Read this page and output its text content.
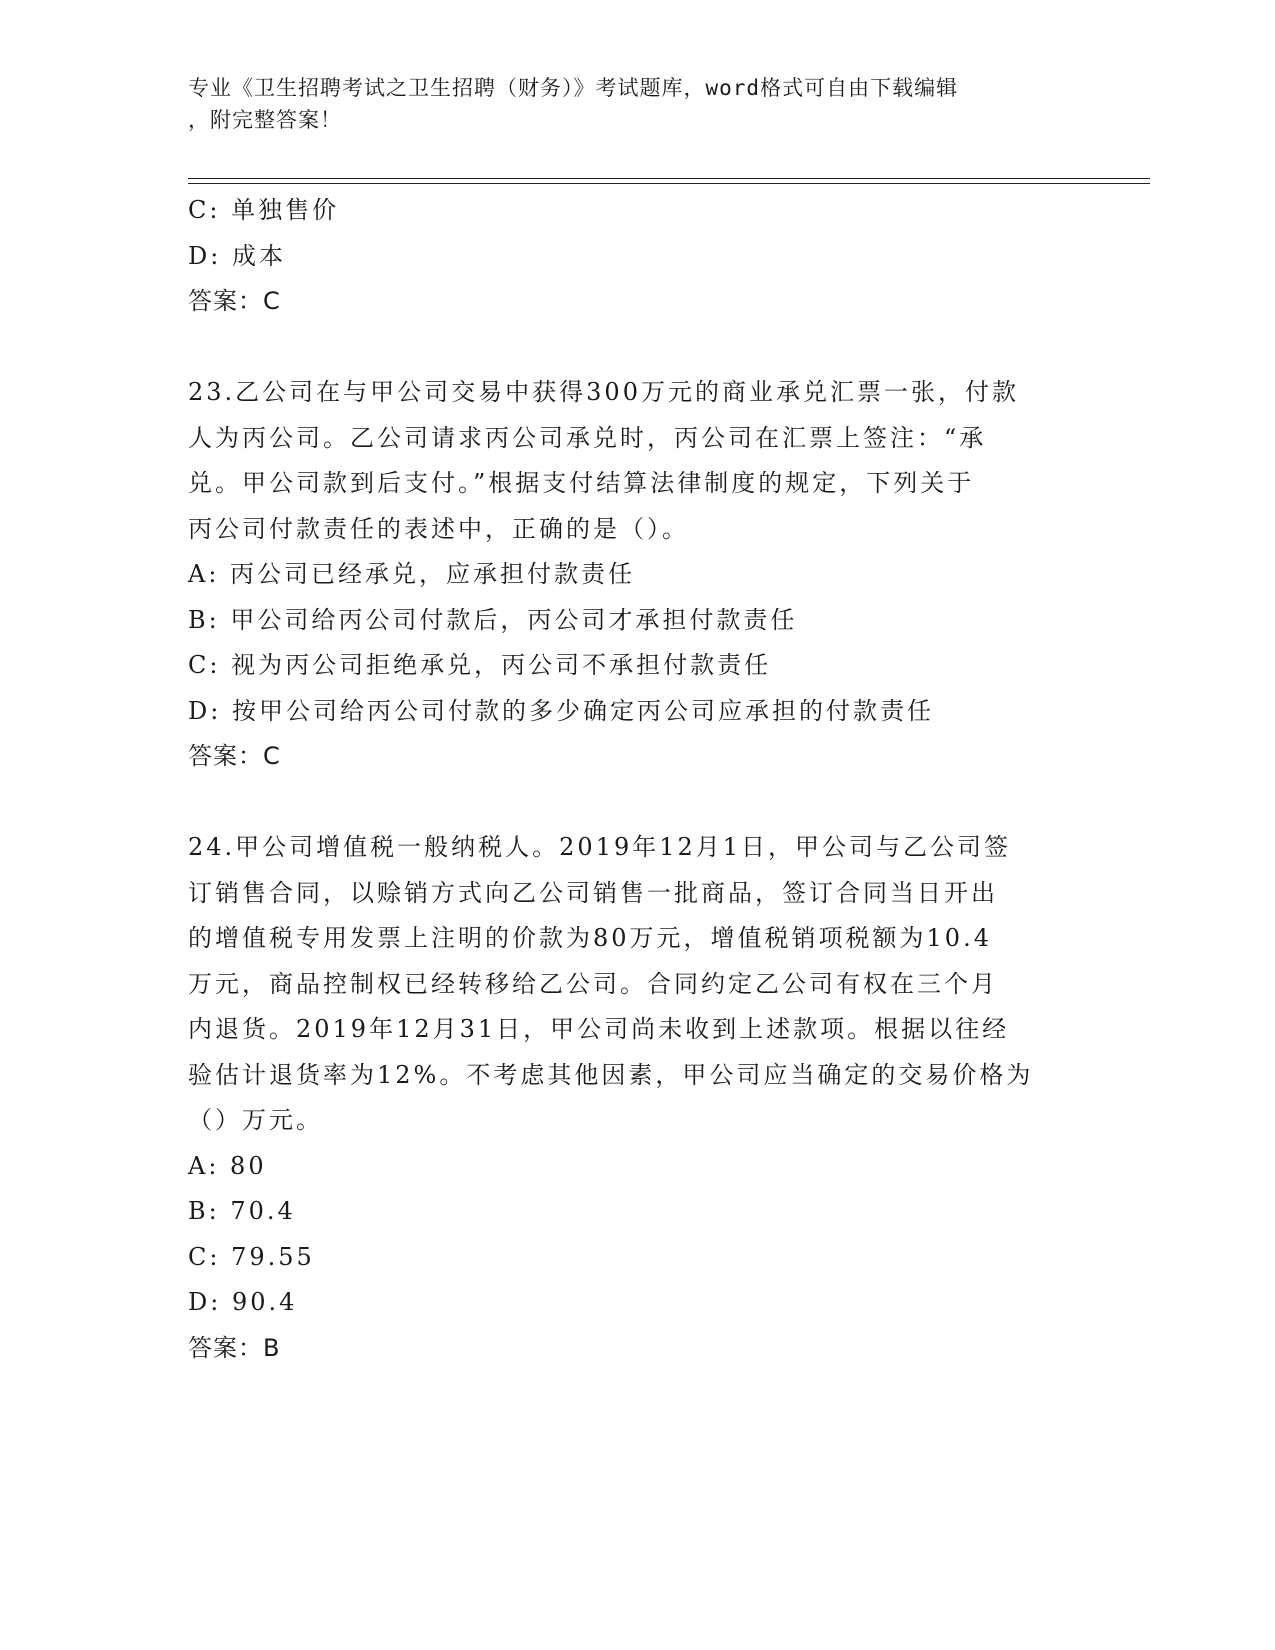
专业《卫生招聘考试之卫生招聘（财务）》考试题库，word格式可自由下载编辑
，附完整答案！
C: 单独售价
D: 成本
答案：C
23.乙公司在与甲公司交易中获得300万元的商业承兑汇票一张，付款
人为丙公司。乙公司请求丙公司承兑时，丙公司在汇票上签注：“承
兑。甲公司款到后支付。”根据支付结算法律制度的规定，下列关于
丙公司付款责任的表述中，正确的是（）。
A: 丙公司已经承兑，应承担付款责任
B: 甲公司给丙公司付款后，丙公司才承担付款责任
C: 视为丙公司拒绝承兑，丙公司不承担付款责任
D: 按甲公司给丙公司付款的多少确定丙公司应承担的付款责任
答案：C
24.甲公司增值税一般纳税人。2019年12月1日，甲公司与乙公司签
订销售合同，以赊销方式向乙公司销售一批商品，签订合同当日开出
的增值税专用发票上注明的价款为80万元，增值税销项税额为10.4
万元，商品控制权已经转移给乙公司。合同约定乙公司有权在三个月
内退货。2019年12月31日，甲公司尚未收到上述款项。根据以往经
验估计退货率为12%。不考虑其他因素，甲公司应当确定的交易价格为
（）万元。
A: 80
B: 70.4
C: 79.55
D: 90.4
答案：B
